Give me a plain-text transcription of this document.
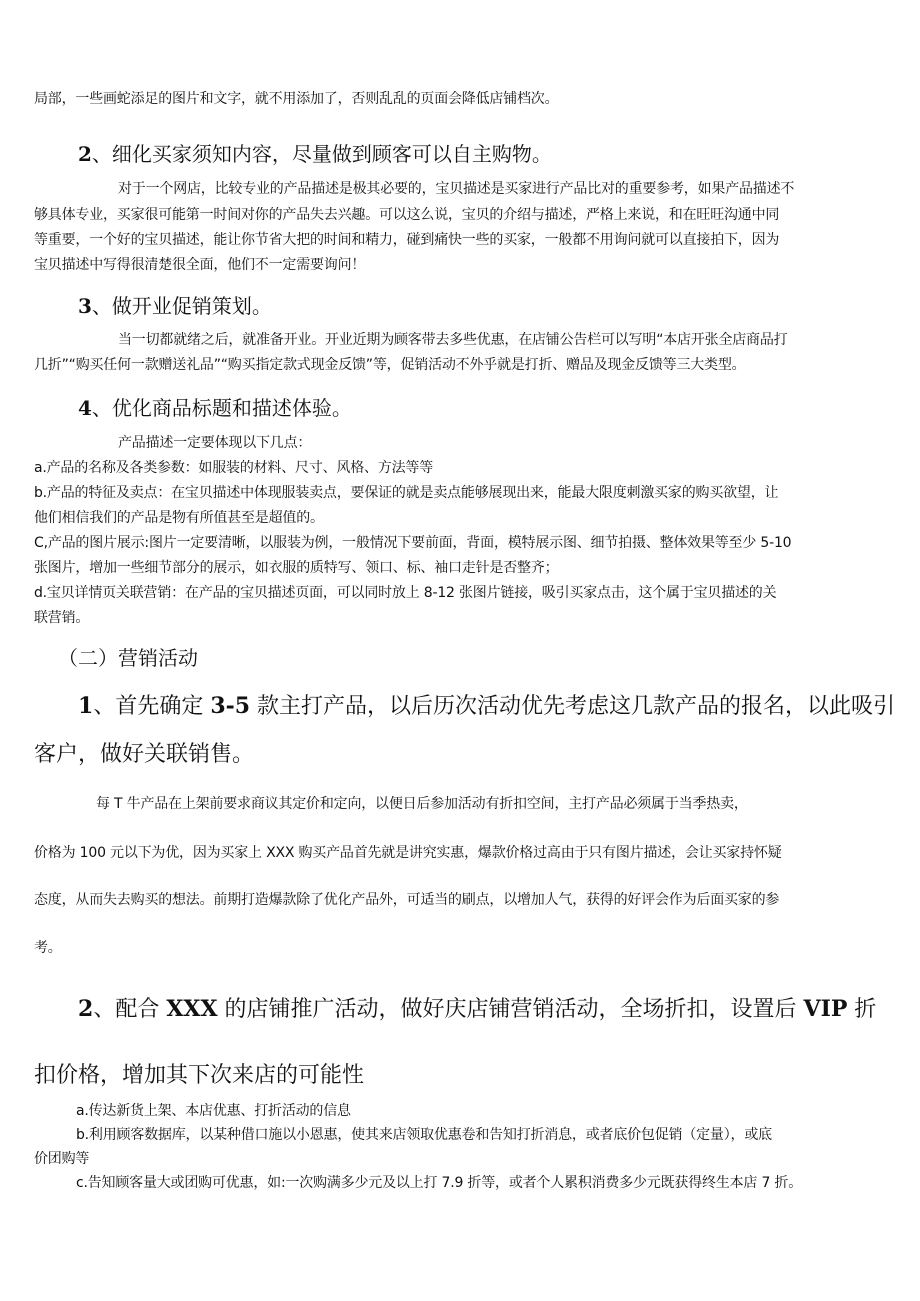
局部，一些画蛇添足的图片和文字，就不用添加了，否则乱乱的页面会降低店铺档次。

2、细化买家须知内容，尽量做到顾客可以自主购物。

对于一个网店，比较专业的产品描述是极其必要的，宝贝描述是买家进行产品比对的重要参考，如果产品描述不

够具体专业，买家很可能第一时间对你的产品失去兴趣。可以这么说，宝贝的介绍与描述，严格上来说，和在旺旺沟通中同

等重要，一个好的宝贝描述，能让你节省大把的时间和精力，碰到痛快一些的买家，一般都不用询问就可以直接拍下，因为

宝贝描述中写得很清楚很全面，他们不一定需要询问！

3、做开业促销策划。

当一切都就绪之后，就准备开业。开业近期为顾客带去多些优惠，在店铺公告栏可以写明“本店开张全店商品打

几折”“购买任何一款赠送礼品”“购买指定款式现金反馈”等，促销活动不外乎就是打折、赠品及现金反馈等三大类型。

4、优化商品标题和描述体验。

产品描述一定要体现以下几点：

a.产品的名称及各类参数：如服装的材料、尺寸、风格、方法等等

b.产品的特征及卖点：在宝贝描述中体现服装卖点，要保证的就是卖点能够展现出来，能最大限度刺激买家的购买欲望，让

他们相信我们的产品是物有所值甚至是超值的。

C,产品的图片展示:图片一定要清晰，以服装为例，一般情况下要前面，背面，模特展示图、细节拍摄、整体效果等至少 5-10

张图片，增加一些细节部分的展示，如衣服的质特写、领口、标、袖口走针是否整齐；

d.宝贝详情页关联营销：在产品的宝贝描述页面，可以同时放上 8-12 张图片链接，吸引买家点击，这个属于宝贝描述的关

联营销。

（二）营销活动

1、首先确定 3-5 款主打产品，以后历次活动优先考虑这几款产品的报名，以此吸引

客户，做好关联销售。

每 T 牛产品在上架前要求商议其定价和定向，以便日后参加活动有折扣空间，主打产品必须属于当季热卖，

价格为 100 元以下为优，因为买家上 XXX 购买产品首先就是讲究实惠，爆款价格过高由于只有图片描述，会让买家持怀疑

态度，从而失去购买的想法。前期打造爆款除了优化产品外，可适当的刷点，以增加人气，获得的好评会作为后面买家的参

考。

2、配合 XXX 的店铺推广活动，做好庆店铺营销活动，全场折扣，设置后 VIP 折

扣价格，增加其下次来店的可能性

a.传达新货上架、本店优惠、打折活动的信息

b.利用顾客数据库，以某种借口施以小恩惠，使其来店领取优惠卷和告知打折消息，或者底价包促销（定量），或底

价团购等

c.告知顾客量大或团购可优惠，如:一次购满多少元及以上打 7.9 折等，或者个人累积消费多少元既获得终生本店 7 折。
